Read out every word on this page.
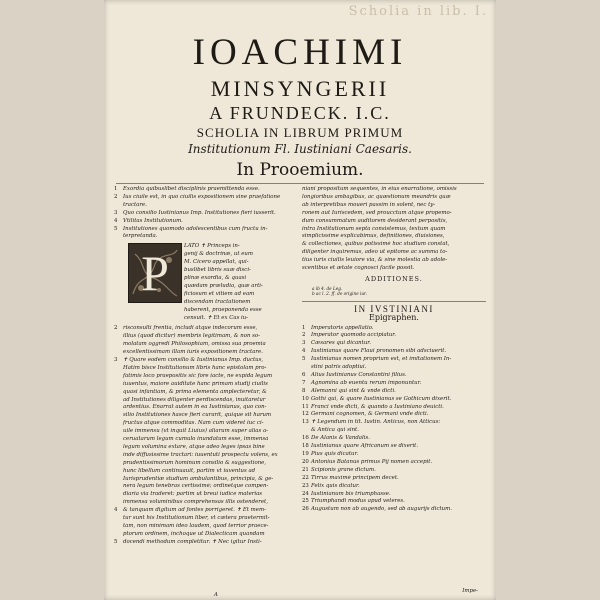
Scholia in lib. I.
IOACHIMI
MINSYNGERII
A FRUNDECK. I.C.
SCHOLIA IN LIBRUM PRIMUM
Institutionum Fl. Iustiniani Caesaris.
In Prooemium.
1 Exordia quibuslibet disciplinis praemittenda esse.
2 Ius ciuile est, in quo ciuilis expositionem sine praefatione
tractare.
3 Quo consilio Iustinianus Imp. Institutiones fieri iusserit.
4 Vtilitas Institutionum.
5 Institutiones quomodo adolescentibus cum fructu in-
terpretanda.
P	LATO ✝ Princeps in-
genij & doctrinæ, ut eum
M. Cicero appellat, qui-
buslibet libris suæ disci-
plinæ exordia, & quasi
quædam præludia, quæ arti-
ficiosum et vitiem ad eam
discendam tractationem
haberent, praeponenda esse
censuit. ✝ Et e̅x Cas̅ iu-
2 risconsulti frentia, includi a̅tque indecorum esse,
illius (quod dicitur) membris legitimam, & non so-
molatam oggredi Philosophiam, omissa sua proemia
excellentissimam illam iuris expositionem tractare.
3 ✝ Quare eodem consilio & Iustinianus Imp. ductus,
Hatim bis̅ce Institutionum libris hanc epistolam pro-
fatimis loco praepositis sic fore iacte, ne exp̅ida legum
iuuentus, maiore auiditate hanc primam studij ciuilis
quasi infantiam, & prima elementa amplecteretur, &
ad Institutiones diligenter perdiscendas, inuitaretur
ardentius. Enarrat autem in ea Iustinianus, quo con-
silio Institutiones hasce fieri curarit, quique sit harum
fructus atque commoditas. Nam cum videret iuc ci-
uile immensu (vt inquit Liuius) aliarum super alias a-
ceruatarum legum cumulo inundatum esse, immensa
legum volumina extare, atque adeo leges ipsas bine
inde diffusissime tractari: iuuentuti prospectu volens, ex
prudentissimorum hominum consilio & suggestione,
hunc libellum continuauit, partim vt iuventus ad
Iurisprudentiæ studium ambulantibus, principia, & ge-
nera legum tenebras certissimè; ordinetque compen-
diaria via traderet: partim ut breui iudice materias
immensa voluminibus comprehensas illis ostenderet,
4 & tanquam digitum ad fontes porrigeret. ✝ Et mem-
tur sunt his Institutionum liber, vt cætera praetermit-
tam, non minimam ideo laudem, quod terrior praece-
ptorum ordinem, inchoque ut Dialecticam quandam
5 docendi methodum completitur. ✝ Nec igitur Insti-
niani propositum sequentes, in eius enarratione, omissis
longioribus ambagibus, ac quæstionum meandris quæ
ab interpretibus moueri passim in̅ solent, nec ty-
ronem aut Iuriscedem, sed proucctum atque propemo-
dum consummatum auditorem desiderant perpositis,
intra Institutionum septa consistemus, textum quam
simplicissime explicabimus, definitiones, diuisiones,
& collectiones, quibus potissimè hoc studium constat,
diligenter inquiremus, adeo ut epitome ac summa to-
tius iuris ciuilis leuiore via, & sine molestia ab adole-
scentibus et ætate cognosci facile possit.
ADDITIONES.
a ib̅ 4. de Leg.
b ac l. 2. ff. de origine iur.
IN IVSTINIANI
Epigraphen.
1 Imperatoris appellatio.
2 Imperator quomodo accipiatur.
3 Cæsares qui dicantur.
4 Iustinianus quare Flaui pronomen sibi adsciuerit.
5 Iustinianus nomen proprium est, et imitationem In-
stini patris adoptiui.
6 Alius Iustinianus Constantini filius.
7 Agnomina ab euentu rerum imponuntur.
8 Alemanni qui sint & vnde dicti.
10 Gothi qui, & quare Iustinianus se Gothicum dixerit.
11 Franci vnde dicti, & quando a Iustiniano deuicti.
12 Germani cognomen, & Germani vnde dicti.
13 ✝ Legendum in tit. Iustin. Anticus, non Atticus:
& Antica qui sint.
16 De Alanis & Vandalis.
18 Iustinianus quare Africanum se dixerit.
19 Pius quis dicatur.
20 Antonius Batanus primus Pij nomen accepit.
21 Scipionis grane dictum.
22 Tirrus maximè principem decet.
23 Felix quis dicatur.
24 Iustinianum bis triumphasse.
25 Triumphandi modus apud veteres.
26 Augustum non ab augendo, sed ab augurijs dictum.
A
Impe-
